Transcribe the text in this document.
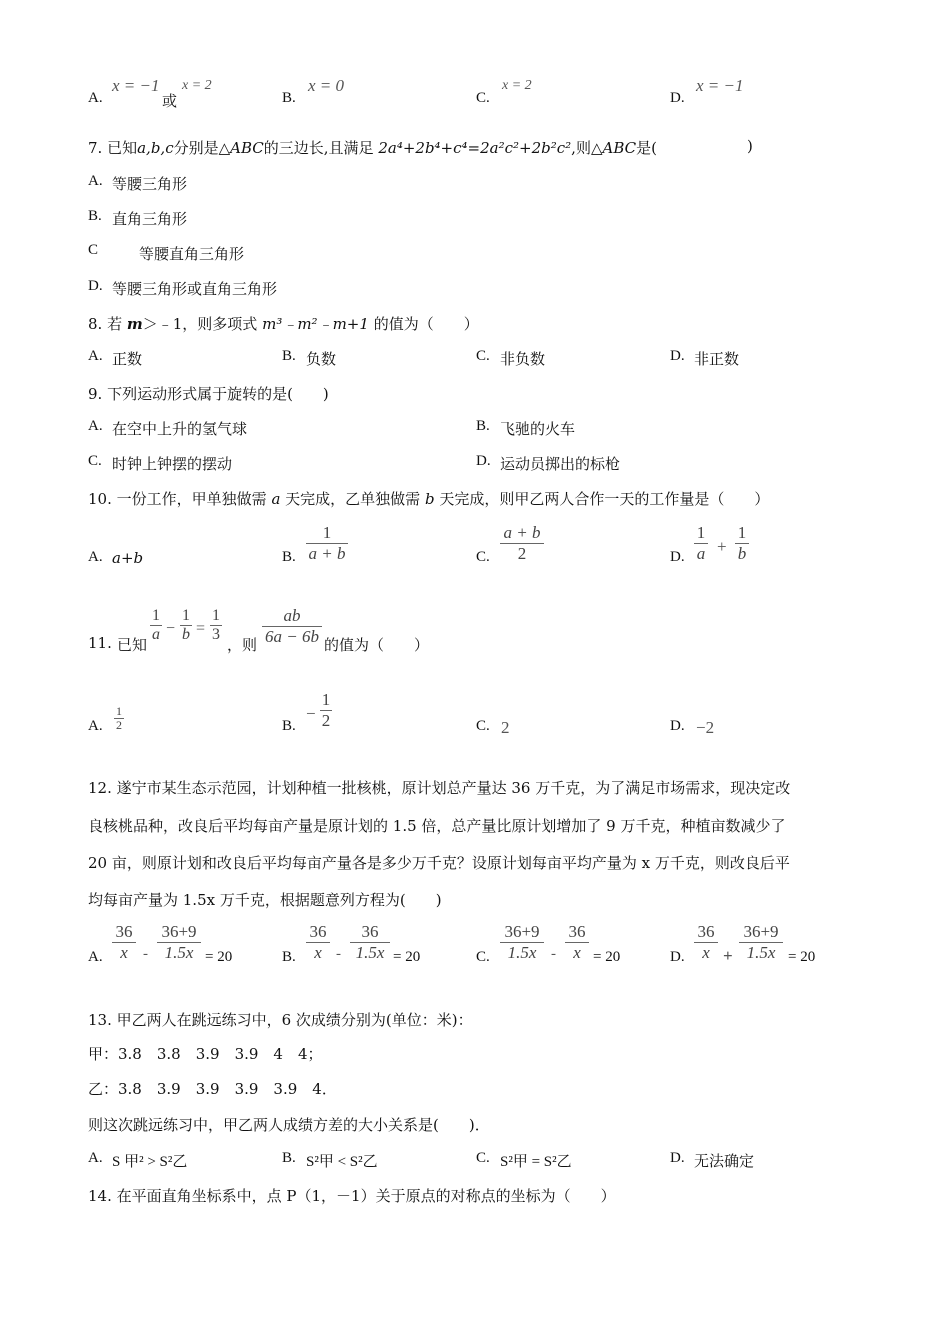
A.
x = −1
或
x = 2
B.
x = 0
C.
x = 2
D.
x = −1
7. 已知a,b,c分别是△ABC的三边长,且满足 2a⁴+2b⁴+c⁴=2a²c²+2b²c²,则△ABC是(	)
A. 等腰三角形
B. 直角三角形
C	等腰直角三角形
D. 等腰三角形或直角三角形
8. 若 m＞﹣1，则多项式 m³﹣m²﹣m+1 的值为（　　）
A. 正数	B. 负数	C. 非负数	D. 非正数
9. 下列运动形式属于旋转的是(　　)
A. 在空中上升的氢气球	B. 飞驰的火车
C. 时钟上钟摆的摆动	D. 运动员掷出的标枪
10. 一份工作，甲单独做需 a 天完成，乙单独做需 b 天完成，则甲乙两人合作一天的工作量是（　　）
A. a+b	B.
1
a + b	C.
a + b
2	D.
1
a +
1
b
11. 已知
1
a −
1
b =
1
3
，则
ab
6a − 6b 的值为（　　）
A.
1
2	B.
−
1
2	C. 2	D. −2
12. 遂宁市某生态示范园，计划种植一批核桃，原计划总产量达 36 万千克，为了满足市场需求，现决定改
良核桃品种，改良后平均每亩产量是原计划的 1.5 倍，总产量比原计划增加了 9 万千克，种植亩数减少了
20 亩，则原计划和改良后平均每亩产量各是多少万千克？设原计划每亩平均产量为 x 万千克，则改良后平
均每亩产量为 1.5x 万千克，根据题意列方程为(　　)
A.
36
x	-
36+9
1.5x = 20	B.
36
x -
36
1.5x = 20	C.
36+9
1.5x -
36
x = 20	D.
36
x +
36+9
1.5x = 20
13. 甲乙两人在跳远练习中，6 次成绩分别为(单位：米)：
甲：3.8　3.8　3.9　3.9　4　4；
乙：3.8　3.9　3.9　3.9　3.9　4．
则这次跳远练习中，甲乙两人成绩方差的大小关系是(　　)．
A. S 甲² > S²乙	B. S²甲 < S²乙	C. S²甲 = S²乙	D. 无法确定
14. 在平面直角坐标系中，点 P（1，－1）关于原点的对称点的坐标为（　　）
